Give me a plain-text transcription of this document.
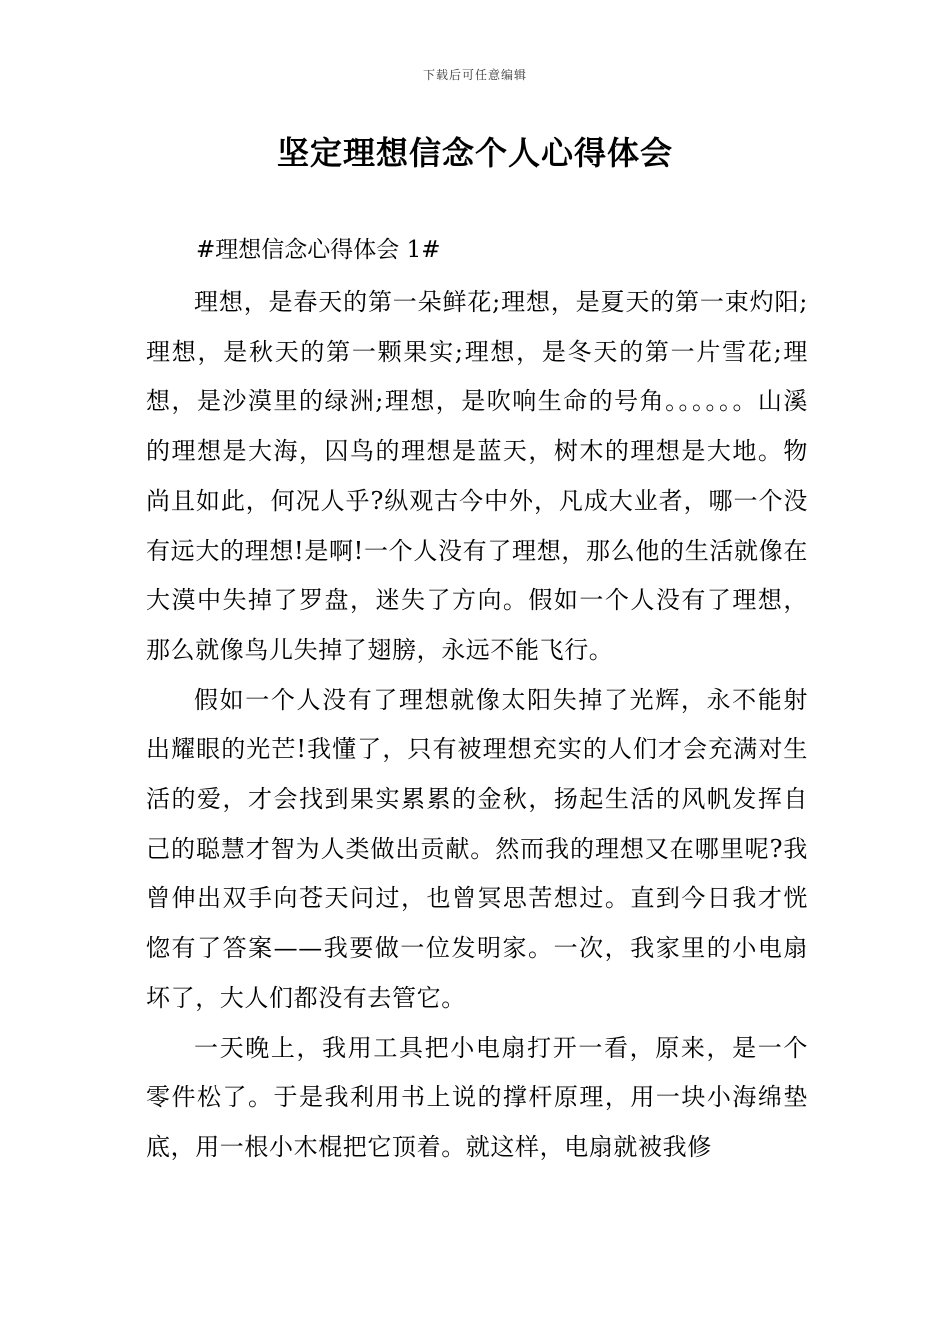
下载后可任意编辑
坚定理想信念个人心得体会
#理想信念心得体会 1#

理想，是春天的第一朵鲜花;理想，是夏天的第一束灼阳;理想，是秋天的第一颗果实;理想，是冬天的第一片雪花;理想，是沙漠里的绿洲;理想，是吹响生命的号角。。。。。。山溪的理想是大海，囚鸟的理想是蓝天，树木的理想是大地。物尚且如此，何况人乎?纵观古今中外，凡成大业者，哪一个没有远大的理想!是啊!一个人没有了理想，那么他的生活就像在大漠中失掉了罗盘，迷失了方向。假如一个人没有了理想，那么就像鸟儿失掉了翅膀，永远不能飞行。

假如一个人没有了理想就像太阳失掉了光辉，永不能射出耀眼的光芒!我懂了，只有被理想充实的人们才会充满对生活的爱，才会找到果实累累的金秋，扬起生活的风帆发挥自己的聪慧才智为人类做出贡献。然而我的理想又在哪里呢?我曾伸出双手向苍天问过，也曾冥思苦想过。直到今日我才恍惚有了答案——我要做一位发明家。一次，我家里的小电扇坏了，大人们都没有去管它。

一天晚上，我用工具把小电扇打开一看，原来，是一个零件松了。于是我利用书上说的撑杆原理，用一块小海绵垫底，用一根小木棍把它顶着。就这样，电扇就被我修
